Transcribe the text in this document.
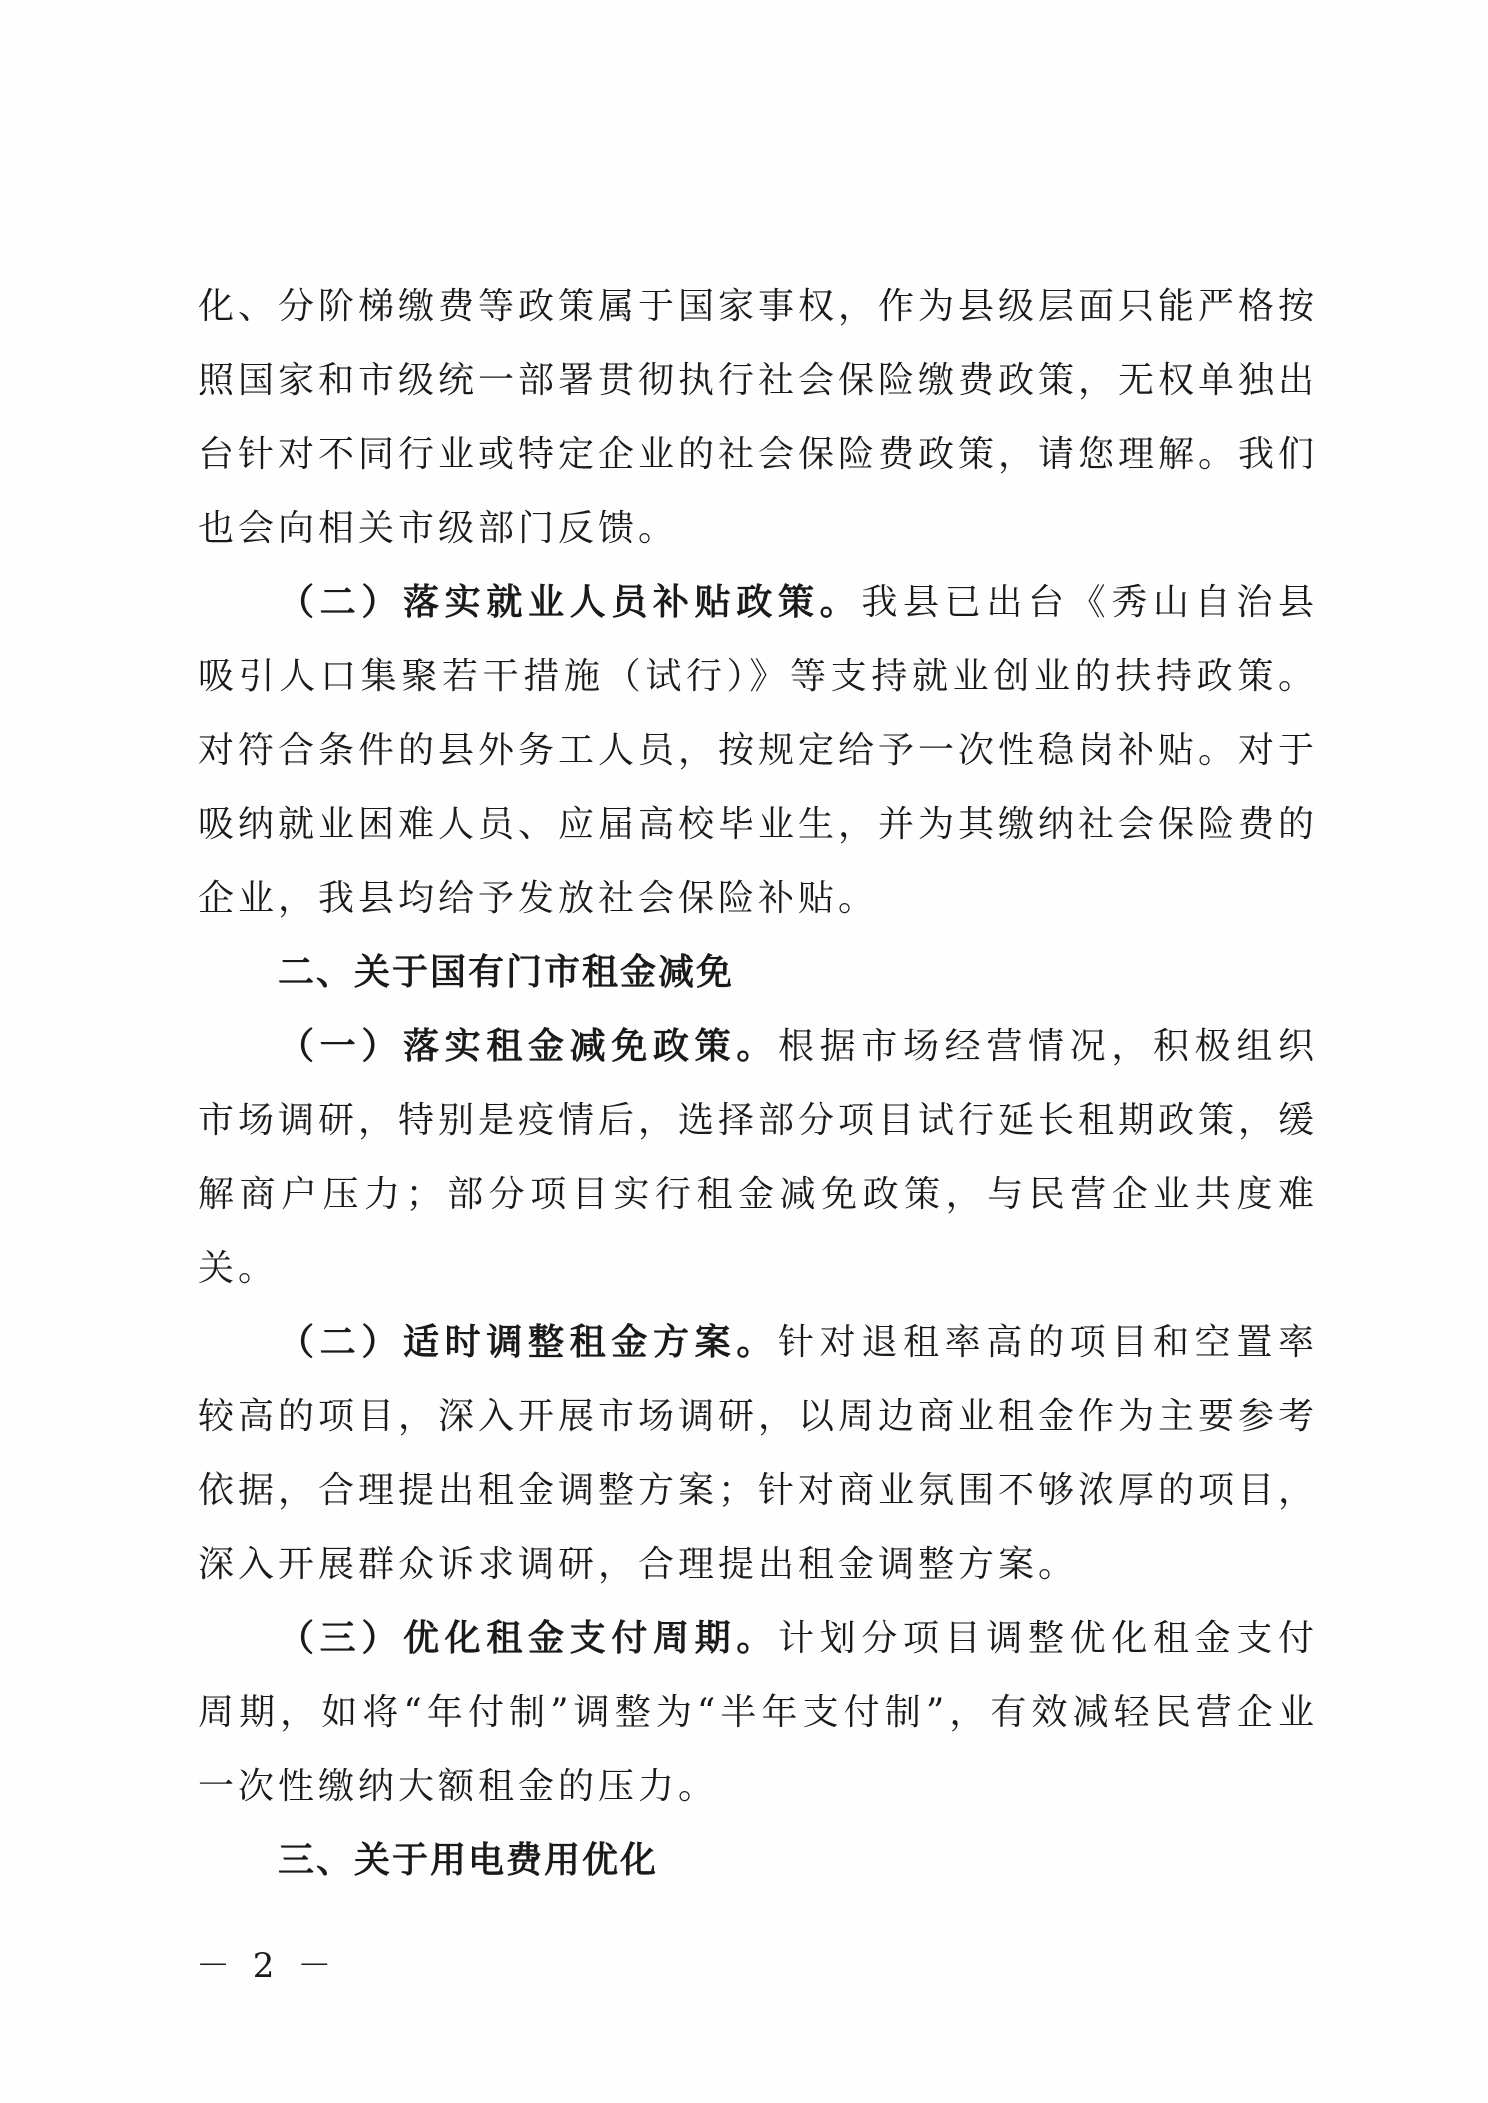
化、分阶梯缴费等政策属于国家事权，作为县级层面只能严格按照国家和市级统一部署贯彻执行社会保险缴费政策，无权单独出台针对不同行业或特定企业的社会保险费政策，请您理解。我们也会向相关市级部门反馈。

（二）落实就业人员补贴政策。我县已出台《秀山自治县吸引人口集聚若干措施（试行）》等支持就业创业的扶持政策。对符合条件的县外务工人员，按规定给予一次性稳岗补贴。对于吸纳就业困难人员、应届高校毕业生，并为其缴纳社会保险费的企业，我县均给予发放社会保险补贴。

二、关于国有门市租金减免

（一）落实租金减免政策。根据市场经营情况，积极组织市场调研，特别是疫情后，选择部分项目试行延长租期政策，缓解商户压力；部分项目实行租金减免政策，与民营企业共度难关。

（二）适时调整租金方案。针对退租率高的项目和空置率较高的项目，深入开展市场调研，以周边商业租金作为主要参考依据，合理提出租金调整方案；针对商业氛围不够浓厚的项目，深入开展群众诉求调研，合理提出租金调整方案。

（三）优化租金支付周期。计划分项目调整优化租金支付周期，如将“年付制”调整为“半年支付制”，有效减轻民营企业一次性缴纳大额租金的压力。

三、关于用电费用优化

－ 2 －
